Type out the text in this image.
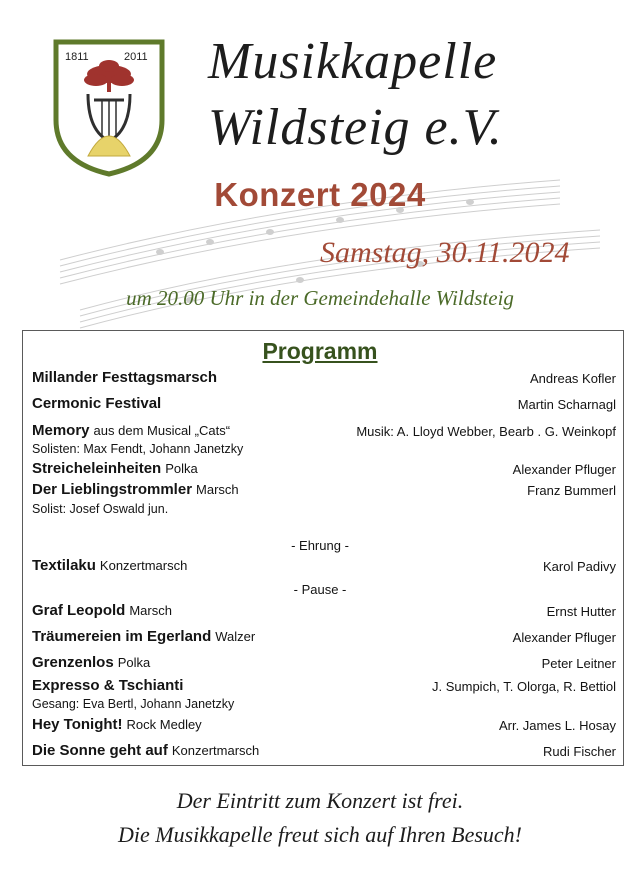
1811	2011 Musikkapelle
Wildsteig e.V.
Konzert 2024
Samstag, 30.11.2024
um 20.00 Uhr in der Gemeindehalle Wildsteig
Programm
Millander Festtagsmarsch	Andreas Kofler
Cermonic Festival	Martin Scharnagl
Memory aus dem Musical „Cats“	Musik: A. Lloyd Webber, Bearb . G. Weinkopf
Solisten: Max Fendt, Johann Janetzky
Streicheleinheiten Polka	Alexander Pfluger
Der Lieblingstrommler Marsch	Franz Bummerl
Solist: Josef Oswald jun.
- Ehrung -
Textilaku Konzertmarsch	Karol Padivy
- Pause -
Graf Leopold Marsch	Ernst Hutter
Träumereien im Egerland Walzer	Alexander Pfluger
Grenzenlos Polka	Peter Leitner
Expresso & Tschianti	J. Sumpich, T. Olorga, R. Bettiol
Gesang: Eva Bertl, Johann Janetzky
Hey Tonight! Rock Medley	Arr. James L. Hosay
Die Sonne geht auf Konzertmarsch	Rudi Fischer
Der Eintritt zum Konzert ist frei.
Die Musikkapelle freut sich auf Ihren Besuch!
